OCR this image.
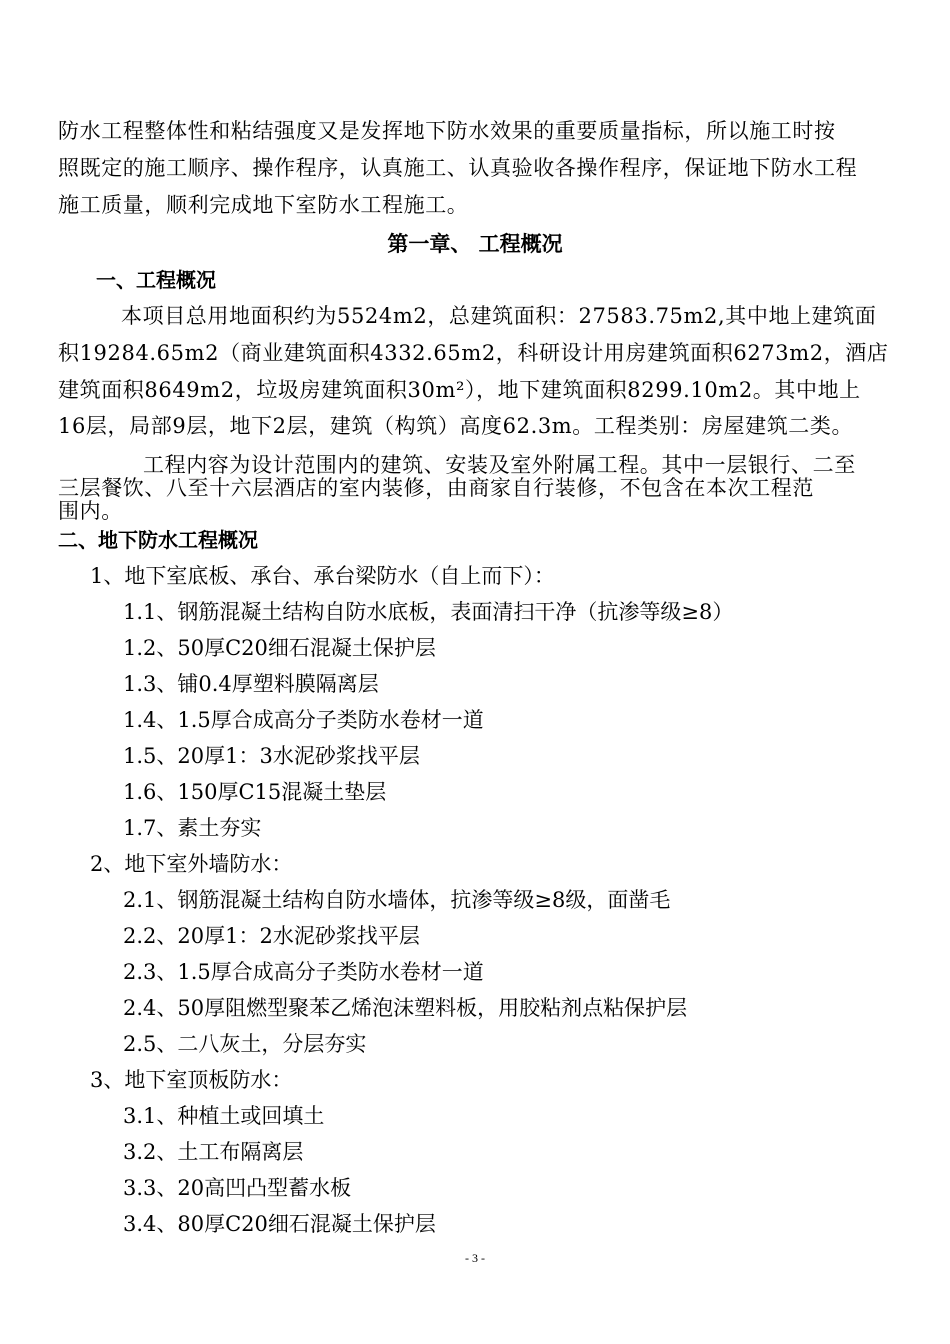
防水工程整体性和粘结强度又是发挥地下防水效果的重要质量指标，所以施工时按
照既定的施工顺序、操作程序，认真施工、认真验收各操作程序，保证地下防水工程
施工质量，顺利完成地下室防水工程施工。
第一章、 工程概况
一、工程概况
本项目总用地面积约为5524m2，总建筑面积：27583.75m2,其中地上建筑面
积19284.65m2（商业建筑面积4332.65m2，科研设计用房建筑面积6273m2，酒店
建筑面积8649m2，垃圾房建筑面积30m²），地下建筑面积8299.10m2。其中地上
16层，局部9层，地下2层，建筑（构筑）高度62.3m。工程类别：房屋建筑二类。
工程内容为设计范围内的建筑、安装及室外附属工程。其中一层银行、二至
三层餐饮、八至十六层酒店的室内装修，由商家自行装修，不包含在本次工程范
围内。
二、地下防水工程概况
1、地下室底板、承台、承台梁防水（自上而下）：
1.1、钢筋混凝土结构自防水底板，表面清扫干净（抗渗等级≥8）
1.2、50厚C20细石混凝土保护层
1.3、铺0.4厚塑料膜隔离层
1.4、1.5厚合成高分子类防水卷材一道
1.5、20厚1：3水泥砂浆找平层
1.6、150厚C15混凝土垫层
1.7、素土夯实
2、地下室外墙防水：
2.1、钢筋混凝土结构自防水墙体，抗渗等级≥8级，面凿毛
2.2、20厚1：2水泥砂浆找平层
2.3、1.5厚合成高分子类防水卷材一道
2.4、50厚阻燃型聚苯乙烯泡沫塑料板，用胶粘剂点粘保护层
2.5、二八灰土，分层夯实
3、地下室顶板防水：
3.1、种植土或回填土
3.2、土工布隔离层
3.3、20高凹凸型蓄水板
3.4、80厚C20细石混凝土保护层
- 3 -
